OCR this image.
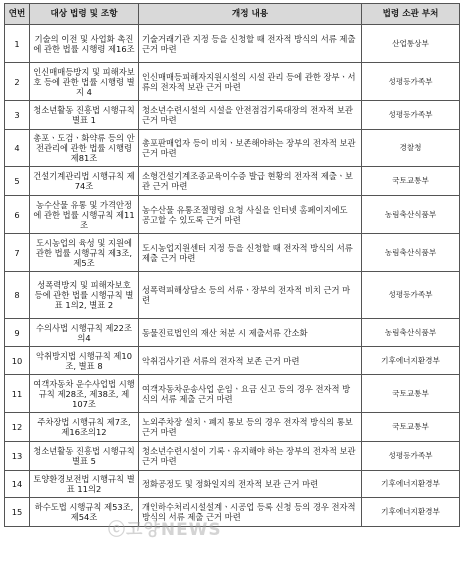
연번	대상 법령 및 조항	개정 내용	법령 소관 부처
1	기술의 이전 및 사업화 촉진에 관한 법률 시행령 제16조	기술거래기관 지정 등을 신청할 때 전자적 방식의 서류 제출 근거 마련	산업통상부
2	인신매매등방지 및 피해자보호 등에 관한 법률 시행령 별지 4	인신매매등피해자지원시설의 시설 관리 등에 관한 장부ㆍ서류의 전자적 보관 근거 마련	성평등가족부
3	청소년활동 진흥법 시행규칙 별표 1	청소년수련시설의 시설을 안전점검기록대장의 전자적 보관 근거 마련	성평등가족부
4	총포ㆍ도검ㆍ화약류 등의 안전관리에 관한 법률 시행령 제81조	총포판매업자 등이 비치ㆍ보존해야하는 장부의 전자적 보관 근거 마련	경찰청
5	건설기계관리법 시행규칙 제74조	소형건설기계조종교육이수증 발급 현황의 전자적 제출ㆍ보관 근거 마련	국토교통부
6	농수산물 유통 및 가격안정에 관한 법률 시행규칙 제11조	농수산물 유통조절명령 요청 사실을 인터넷 홈페이지에도 공고할 수 있도록 근거 마련	농림축산식품부
7	도시농업의 육성 및 지원에 관한 법률 시행규칙 제3조, 제5조	도시농업지원센터 지정 등을 신청할 때 전자적 방식의 서류 제출 근거 마련	농림축산식품부
8	성폭력방지 및 피해자보호 등에 관한 법률 시행규칙 별표 1의2, 별표 2	성폭력피해상담소 등의 서류ㆍ장부의 전자적 비치 근거 마련	성평등가족부
9	수의사법 시행규칙 제22조의4	동물진료법인의 재산 처분 시 제출서류 간소화	농림축산식품부
10	악취방지법 시행규칙 제10조, 별표 8	악취검사기관 서류의 전자적 보존 근거 마련	기후에너지환경부
11	여객자동차 운수사업법 시행규칙 제28조, 제38조, 제107조	여객자동차운송사업 운임ㆍ요금 신고 등의 경우 전자적 방식의 서류 제출 근거 마련	국토교통부
12	주차장법 시행규칙 제7조, 제16조의12	노외주차장 설치ㆍ폐지 통보 등의 경우 전자적 방식의 통보 근거 마련	국토교통부
13	청소년활동 진흥법 시행규칙 별표 5	청소년수련시설이 기록ㆍ유지해야 하는 장부의 전자적 보관 근거 마련	성평등가족부
14	토양환경보전법 시행규칙 별표 11의2	정화공정도 및 정화일지의 전자적 보관 근거 마련	기후에너지환경부
15	하수도법 시행규칙 제53조, 제54조	개인하수처리시설설계ㆍ시공업 등록 신청 등의 경우 전자적 방식의 서류 제출 근거 마련	기후에너지환경부
ⓒ고양NEWS
